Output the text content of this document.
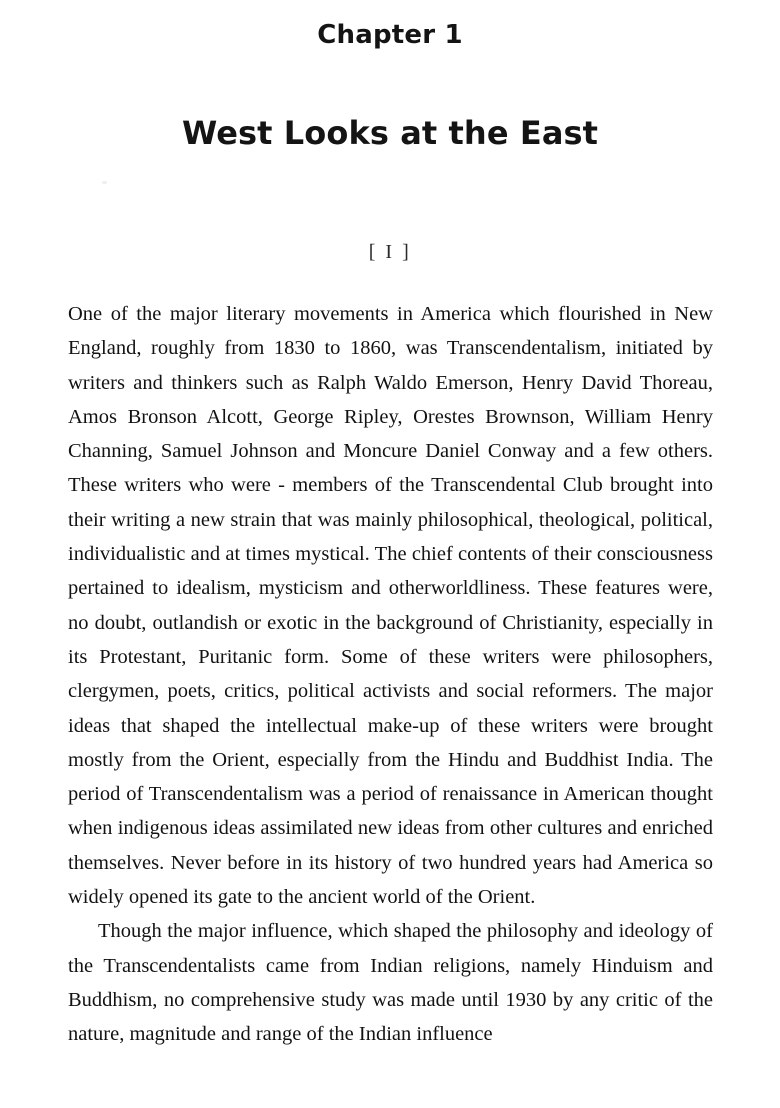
Chapter 1
West Looks at the East
[ I ]

One of the major literary movements in America which flourished in New England, roughly from 1830 to 1860, was Transcendentalism, initiated by writers and thinkers such as Ralph Waldo Emerson, Henry David Thoreau, Amos Bronson Alcott, George Ripley, Orestes Brownson, William Henry Channing, Samuel Johnson and Moncure Daniel Conway and a few others. These writers who were - members of the Transcendental Club brought into their writing a new strain that was mainly philosophical, theological, political, individualistic and at times mystical. The chief contents of their consciousness pertained to idealism, mysticism and otherworldliness. These features were, no doubt, outlandish or exotic in the background of Christianity, especially in its Protestant, Puritanic form. Some of these writers were philosophers, clergymen, poets, critics, political activists and social reformers. The major ideas that shaped the intellectual make-up of these writers were brought mostly from the Orient, especially from the Hindu and Buddhist India. The period of Transcendentalism was a period of renaissance in American thought when indigenous ideas assimilated new ideas from other cultures and enriched themselves. Never before in its history of two hundred years had America so widely opened its gate to the ancient world of the Orient.

Though the major influence, which shaped the philosophy and ideology of the Transcendentalists came from Indian religions, namely Hinduism and Buddhism, no comprehensive study was made until 1930 by any critic of the nature, magnitude and range of the Indian influence
